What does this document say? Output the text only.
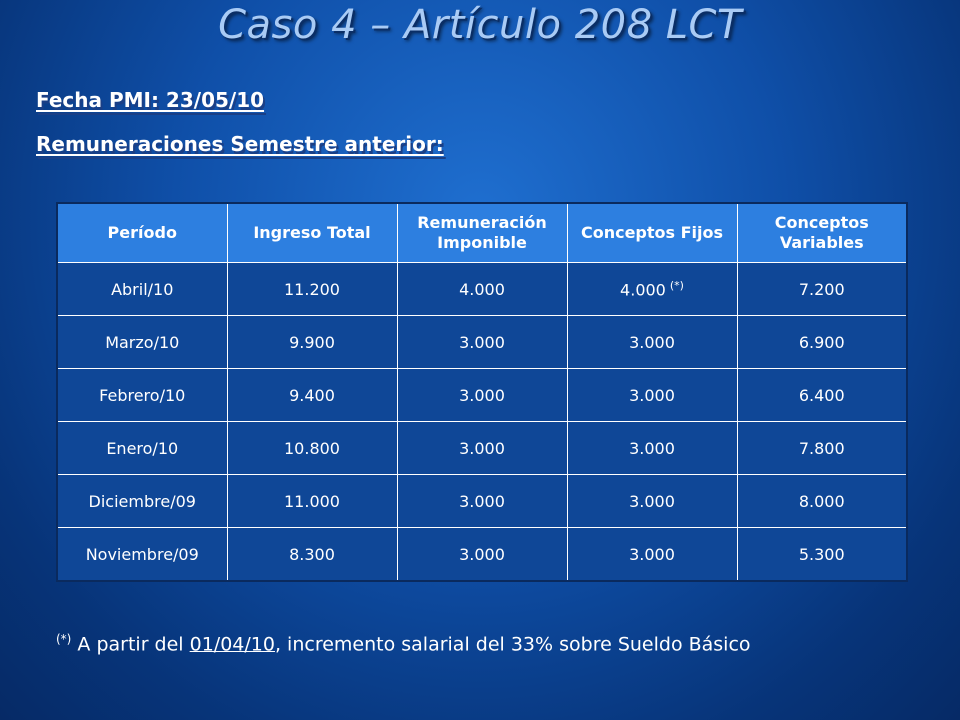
Caso 4 – Artículo 208 LCT
Fecha PMI: 23/05/10
Remuneraciones Semestre anterior:
Período	Ingreso Total	Remuneración Imponible	Conceptos Fijos	Conceptos Variables
Abril/10	11.200	4.000	4.000 (*)	7.200
Marzo/10	9.900	3.000	3.000	6.900
Febrero/10	9.400	3.000	3.000	6.400
Enero/10	10.800	3.000	3.000	7.800
Diciembre/09	11.000	3.000	3.000	8.000
Noviembre/09	8.300	3.000	3.000	5.300
(*) A partir del 01/04/10, incremento salarial del 33% sobre Sueldo Básico
